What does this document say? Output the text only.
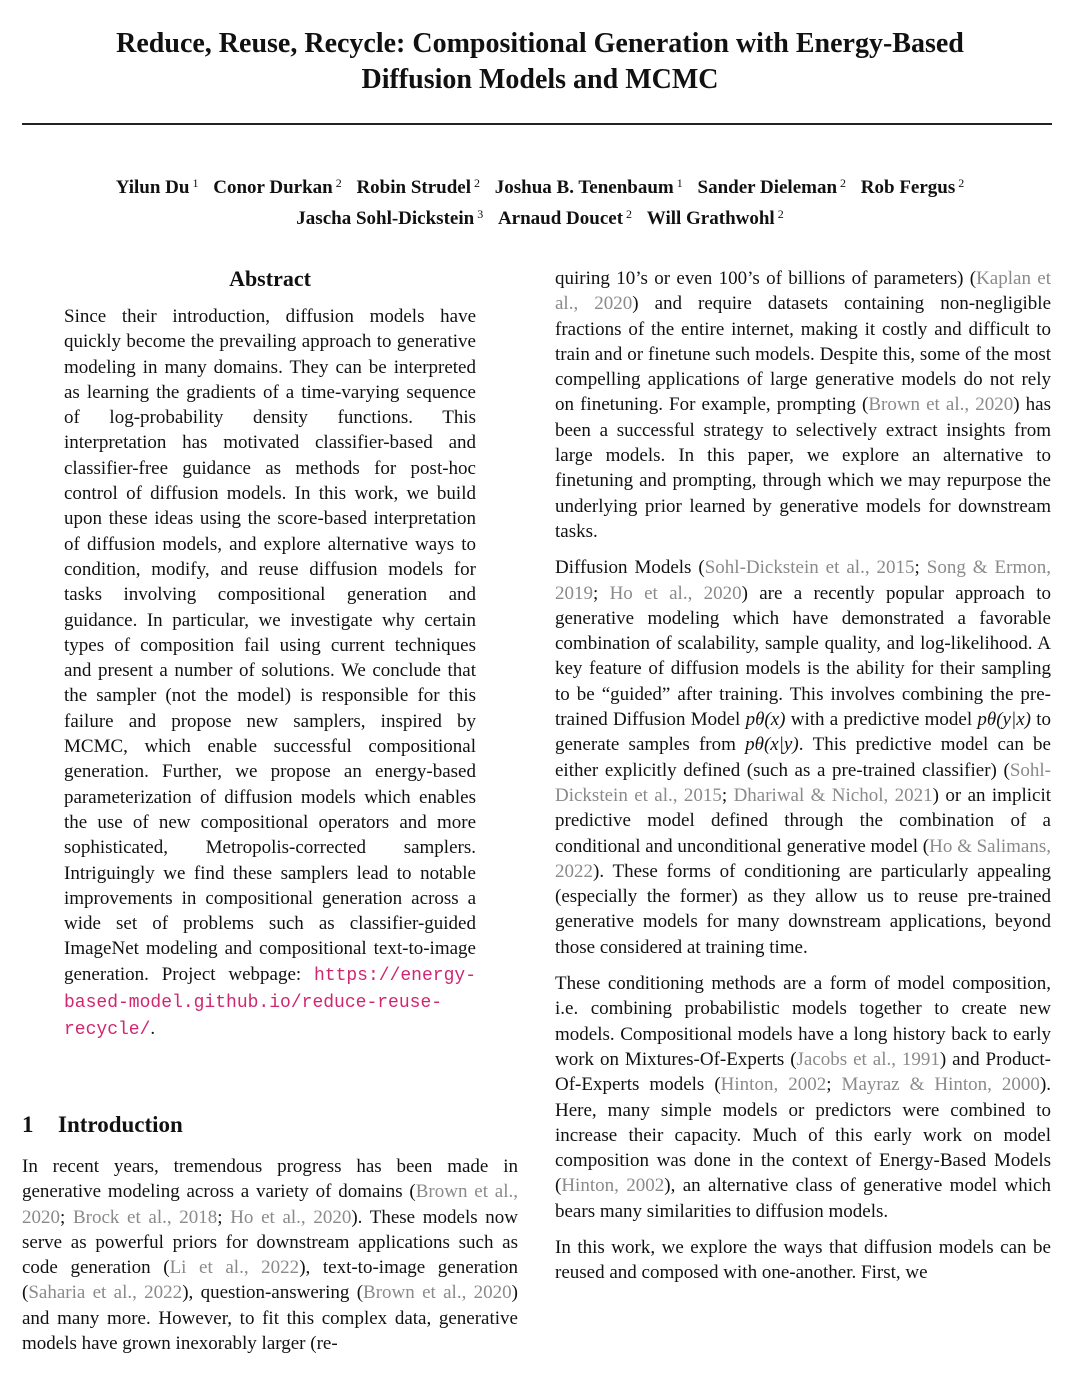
Reduce, Reuse, Recycle: Compositional Generation with Energy-Based
Diffusion Models and MCMC
Yilun Du $^1$ Conor Durkan $^2$ Robin Strudel $^2$ Joshua B. Tenenbaum $^1$ Sander Dieleman $^2$ Rob Fergus $^2$
Jascha Sohl-Dickstein $^3$ Arnaud Doucet $^2$ Will Grathwohl $^2$
Abstract

Since their introduction, diffusion models have quickly become the prevailing approach to generative modeling in many domains. They can be interpreted as learning the gradients of a time-varying sequence of log-probability density functions. This interpretation has motivated classifier-based and classifier-free guidance as methods for post-hoc control of diffusion models. In this work, we build upon these ideas using the score-based interpretation of diffusion models, and explore alternative ways to condition, modify, and reuse diffusion models for tasks involving compositional generation and guidance. In particular, we investigate why certain types of composition fail using current techniques and present a number of solutions. We conclude that the sampler (not the model) is responsible for this failure and propose new samplers, inspired by MCMC, which enable successful compositional generation. Further, we propose an energy-based parameterization of diffusion models which enables the use of new compositional operators and more sophisticated, Metropolis-corrected samplers. Intriguingly we find these samplers lead to notable improvements in compositional generation across a wide set of problems such as classifier-guided ImageNet modeling and compositional text-to-image generation. Project webpage: https://energy-based-model.github.io/reduce-reuse-recycle/.

1 Introduction

In recent years, tremendous progress has been made in generative modeling across a variety of domains (Brown et al., 2020; Brock et al., 2018; Ho et al., 2020). These models now serve as powerful priors for downstream applications such as code generation (Li et al., 2022), text-to-image generation (Saharia et al., 2022), question-answering (Brown et al., 2020) and many more. However, to fit this complex data, generative models have grown inexorably larger (re-

quiring 10’s or even 100’s of billions of parameters) (Kaplan et al., 2020) and require datasets containing non-negligible fractions of the entire internet, making it costly and difficult to train and or finetune such models. Despite this, some of the most compelling applications of large generative models do not rely on finetuning. For example, prompting (Brown et al., 2020) has been a successful strategy to selectively extract insights from large models. In this paper, we explore an alternative to finetuning and prompting, through which we may repurpose the underlying prior learned by generative models for downstream tasks.

Diffusion Models (Sohl-Dickstein et al., 2015; Song & Ermon, 2019; Ho et al., 2020) are a recently popular approach to generative modeling which have demonstrated a favorable combination of scalability, sample quality, and log-likelihood. A key feature of diffusion models is the ability for their sampling to be “guided” after training. This involves combining the pre-trained Diffusion Model pθ(x) with a predictive model pθ(y|x) to generate samples from pθ(x|y). This predictive model can be either explicitly defined (such as a pre-trained classifier) (Sohl-Dickstein et al., 2015; Dhariwal & Nichol, 2021) or an implicit predictive model defined through the combination of a conditional and unconditional generative model (Ho & Salimans, 2022). These forms of conditioning are particularly appealing (especially the former) as they allow us to reuse pre-trained generative models for many downstream applications, beyond those considered at training time.

These conditioning methods are a form of model composition, i.e. combining probabilistic models together to create new models. Compositional models have a long history back to early work on Mixtures-Of-Experts (Jacobs et al., 1991) and Product-Of-Experts models (Hinton, 2002; Mayraz & Hinton, 2000). Here, many simple models or predictors were combined to increase their capacity. Much of this early work on model composition was done in the context of Energy-Based Models (Hinton, 2002), an alternative class of generative model which bears many similarities to diffusion models.

In this work, we explore the ways that diffusion models can be reused and composed with one-another. First, we
